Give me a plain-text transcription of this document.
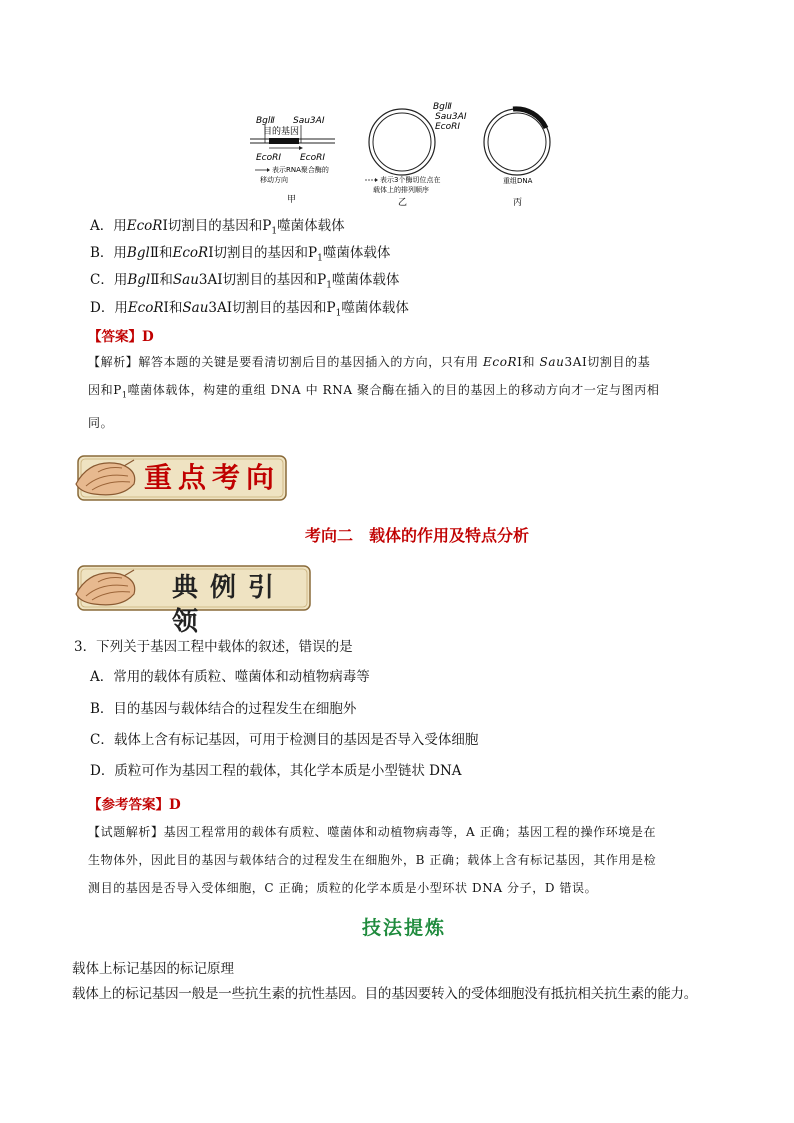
BglⅡ Sau3AⅠ
目的基因
EcoRⅠ EcoRⅠ
表示RNA聚合酶的
移动方向
甲
BglⅡ
Sau3AⅠ
EcoRⅠ
表示3个酶切位点在
载体上的排列顺序
乙
重组DNA
丙
A．用EcoRⅠ切割目的基因和$P_1$噬菌体载体
B．用BglⅡ和EcoRⅠ切割目的基因和$P_1$噬菌体载体
C．用BglⅡ和Sau3AⅠ切割目的基因和$P_1$噬菌体载体
D．用EcoRⅠ和Sau3AⅠ切割目的基因和$P_1$噬菌体载体
【答案】D
【解析】解答本题的关键是要看清切割后目的基因插入的方向，只有用 EcoRⅠ和 Sau3AⅠ切割目的基
因和$P_1$噬菌体载体，构建的重组 DNA 中 RNA 聚合酶在插入的目的基因上的移动方向才一定与图丙相
同。
重点考向
考向二　载体的作用及特点分析
典例引领
3．下列关于基因工程中载体的叙述，错误的是
A．常用的载体有质粒、噬菌体和动植物病毒等
B．目的基因与载体结合的过程发生在细胞外
C．载体上含有标记基因，可用于检测目的基因是否导入受体细胞
D．质粒可作为基因工程的载体，其化学本质是小型链状 DNA
【参考答案】D
【试题解析】基因工程常用的载体有质粒、噬菌体和动植物病毒等，A 正确；基因工程的操作环境是在
生物体外，因此目的基因与载体结合的过程发生在细胞外，B 正确；载体上含有标记基因，其作用是检
测目的基因是否导入受体细胞，C 正确；质粒的化学本质是小型环状 DNA 分子，D 错误。
技法提炼
载体上标记基因的标记原理
载体上的标记基因一般是一些抗生素的抗性基因。目的基因要转入的受体细胞没有抵抗相关抗生素的能力。
